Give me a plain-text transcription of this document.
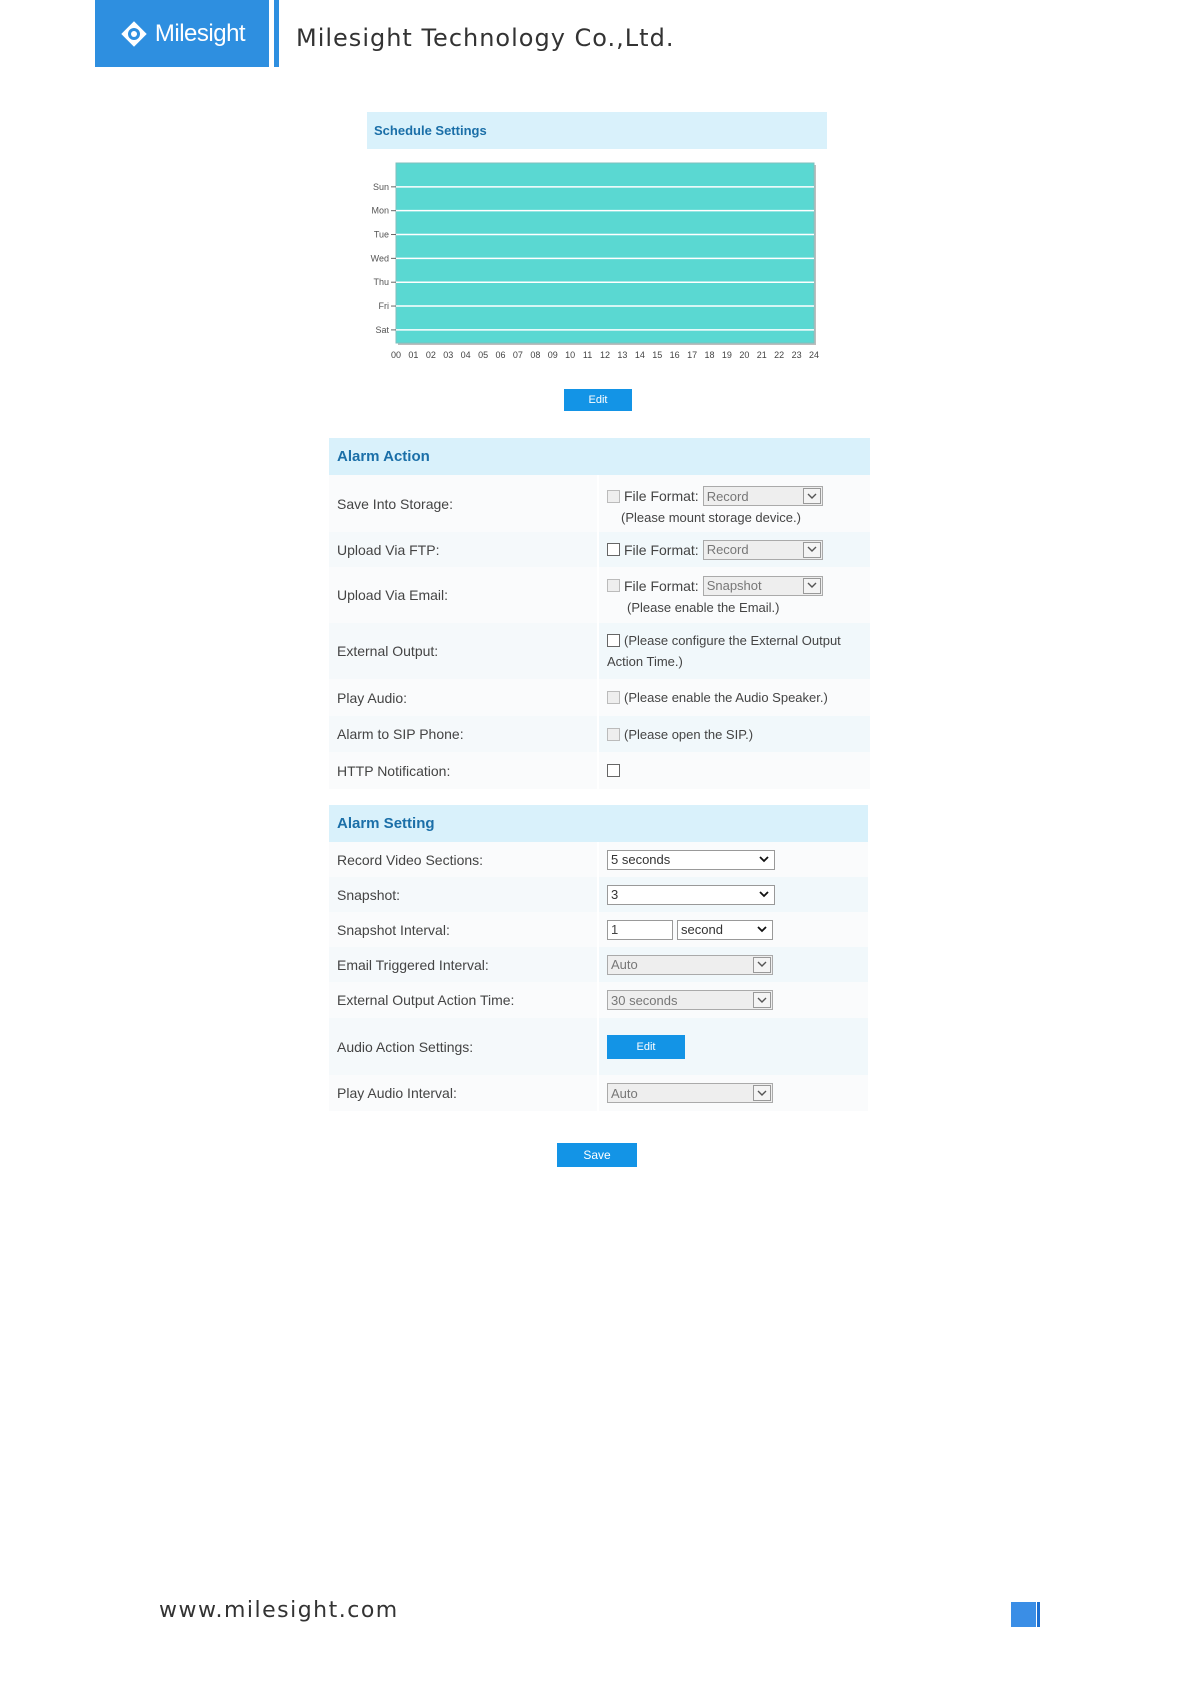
Milesight Milesight Technology Co.,Ltd.
Schedule Settings
Sun
Mon
Tue
Wed
Thu
Fri
Sat
00 01 02 03 04 05 06 07 08 09 10 11 12 13 14 15 16 17 18 19 20 21 22 23 24
Edit
Alarm Action
Save Into Storage:	File Format: Record
(Please mount storage device.)
Upload Via FTP:	File Format: Record
Upload Via Email:
File Format: Snapshot
(Please enable the Email.)
External Output:
(Please configure the External Output
Action Time.)
Play Audio:	(Please enable the Audio Speaker.)
Alarm to SIP Phone:	(Please open the SIP.)
HTTP Notification:
Alarm Setting
Record Video Sections:	5 seconds
Snapshot:	3
Snapshot Interval:	1	second
Email Triggered Interval:	Auto
External Output Action Time:	30 seconds
Audio Action Settings:	Edit
Play Audio Interval:	Auto
Save
www.milesight.com
